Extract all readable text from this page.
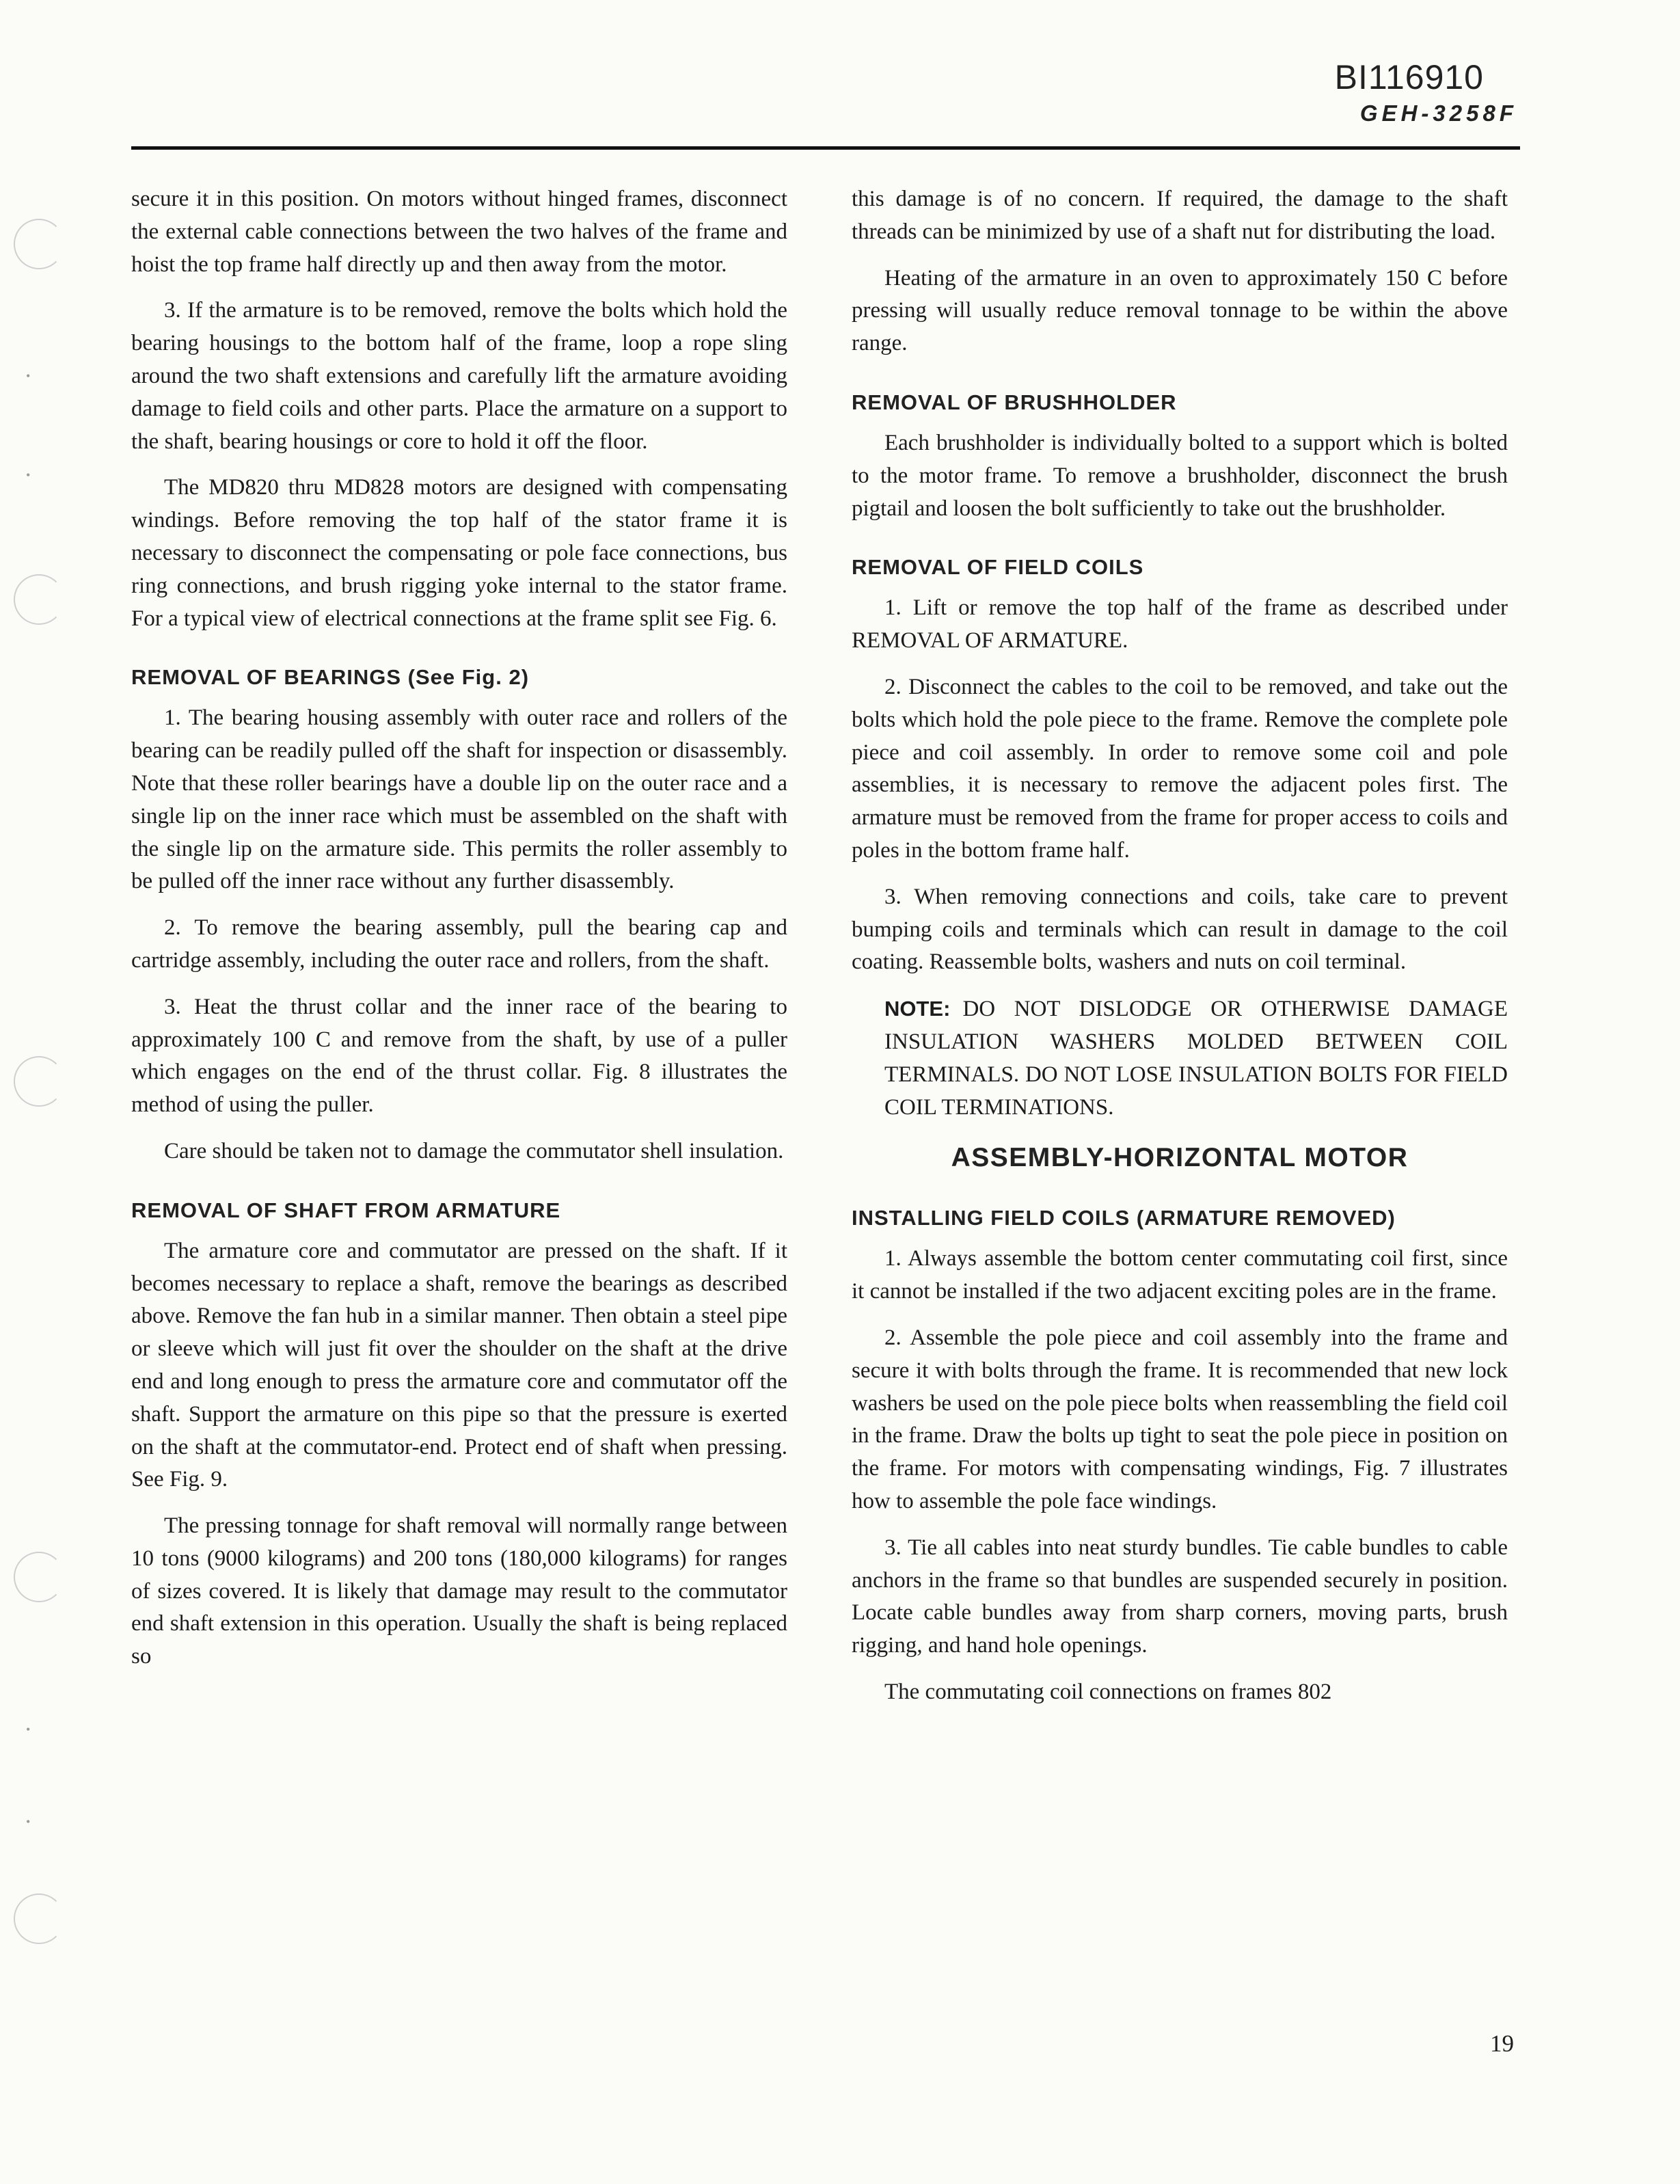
•
•
•
•
BI116910
GEH-3258F

secure it in this position. On motors without hinged frames, disconnect the external cable connections between the two halves of the frame and hoist the top frame half directly up and then away from the motor.

3. If the armature is to be removed, remove the bolts which hold the bearing housings to the bottom half of the frame, loop a rope sling around the two shaft extensions and carefully lift the armature avoiding damage to field coils and other parts. Place the armature on a support to the shaft, bearing housings or core to hold it off the floor.

The MD820 thru MD828 motors are designed with compensating windings. Before removing the top half of the stator frame it is necessary to disconnect the compensating or pole face connections, bus ring connections, and brush rigging yoke internal to the stator frame. For a typical view of electrical connections at the frame split see Fig. 6.

REMOVAL OF BEARINGS (See Fig. 2)

1. The bearing housing assembly with outer race and rollers of the bearing can be readily pulled off the shaft for inspection or disassembly. Note that these roller bearings have a double lip on the outer race and a single lip on the inner race which must be assembled on the shaft with the single lip on the armature side. This permits the roller assembly to be pulled off the inner race without any further disassembly.

2. To remove the bearing assembly, pull the bearing cap and cartridge assembly, including the outer race and rollers, from the shaft.

3. Heat the thrust collar and the inner race of the bearing to approximately 100 C and remove from the shaft, by use of a puller which engages on the end of the thrust collar. Fig. 8 illustrates the method of using the puller.

Care should be taken not to damage the commutator shell insulation.

REMOVAL OF SHAFT FROM ARMATURE

The armature core and commutator are pressed on the shaft. If it becomes necessary to replace a shaft, remove the bearings as described above. Remove the fan hub in a similar manner. Then obtain a steel pipe or sleeve which will just fit over the shoulder on the shaft at the drive end and long enough to press the armature core and commutator off the shaft. Support the armature on this pipe so that the pressure is exerted on the shaft at the commutator-end. Protect end of shaft when pressing. See Fig. 9.

The pressing tonnage for shaft removal will normally range between 10 tons (9000 kilograms) and 200 tons (180,000 kilograms) for ranges of sizes covered. It is likely that damage may result to the commutator end shaft extension in this operation. Usually the shaft is being replaced so

this damage is of no concern. If required, the damage to the shaft threads can be minimized by use of a shaft nut for distributing the load.

Heating of the armature in an oven to approximately 150 C before pressing will usually reduce removal tonnage to be within the above range.

REMOVAL OF BRUSHHOLDER

Each brushholder is individually bolted to a support which is bolted to the motor frame. To remove a brushholder, disconnect the brush pigtail and loosen the bolt sufficiently to take out the brushholder.

REMOVAL OF FIELD COILS

1. Lift or remove the top half of the frame as described under REMOVAL OF ARMATURE.

2. Disconnect the cables to the coil to be removed, and take out the bolts which hold the pole piece to the frame. Remove the complete pole piece and coil assembly. In order to remove some coil and pole assemblies, it is necessary to remove the adjacent poles first. The armature must be removed from the frame for proper access to coils and poles in the bottom frame half.

3. When removing connections and coils, take care to prevent bumping coils and terminals which can result in damage to the coil coating. Reassemble bolts, washers and nuts on coil terminal.

NOTE: DO NOT DISLODGE OR OTHERWISE DAMAGE INSULATION WASHERS MOLDED BETWEEN COIL TERMINALS. DO NOT LOSE INSULATION BOLTS FOR FIELD COIL TERMINATIONS.
ASSEMBLY-HORIZONTAL MOTOR
INSTALLING FIELD COILS (ARMATURE REMOVED)

1. Always assemble the bottom center commutating coil first, since it cannot be installed if the two adjacent exciting poles are in the frame.

2. Assemble the pole piece and coil assembly into the frame and secure it with bolts through the frame. It is recommended that new lock washers be used on the pole piece bolts when reassembling the field coil in the frame. Draw the bolts up tight to seat the pole piece in position on the frame. For motors with compensating windings, Fig. 7 illustrates how to assemble the pole face windings.

3. Tie all cables into neat sturdy bundles. Tie cable bundles to cable anchors in the frame so that bundles are suspended securely in position. Locate cable bundles away from sharp corners, moving parts, brush rigging, and hand hole openings.

The commutating coil connections on frames 802

19
